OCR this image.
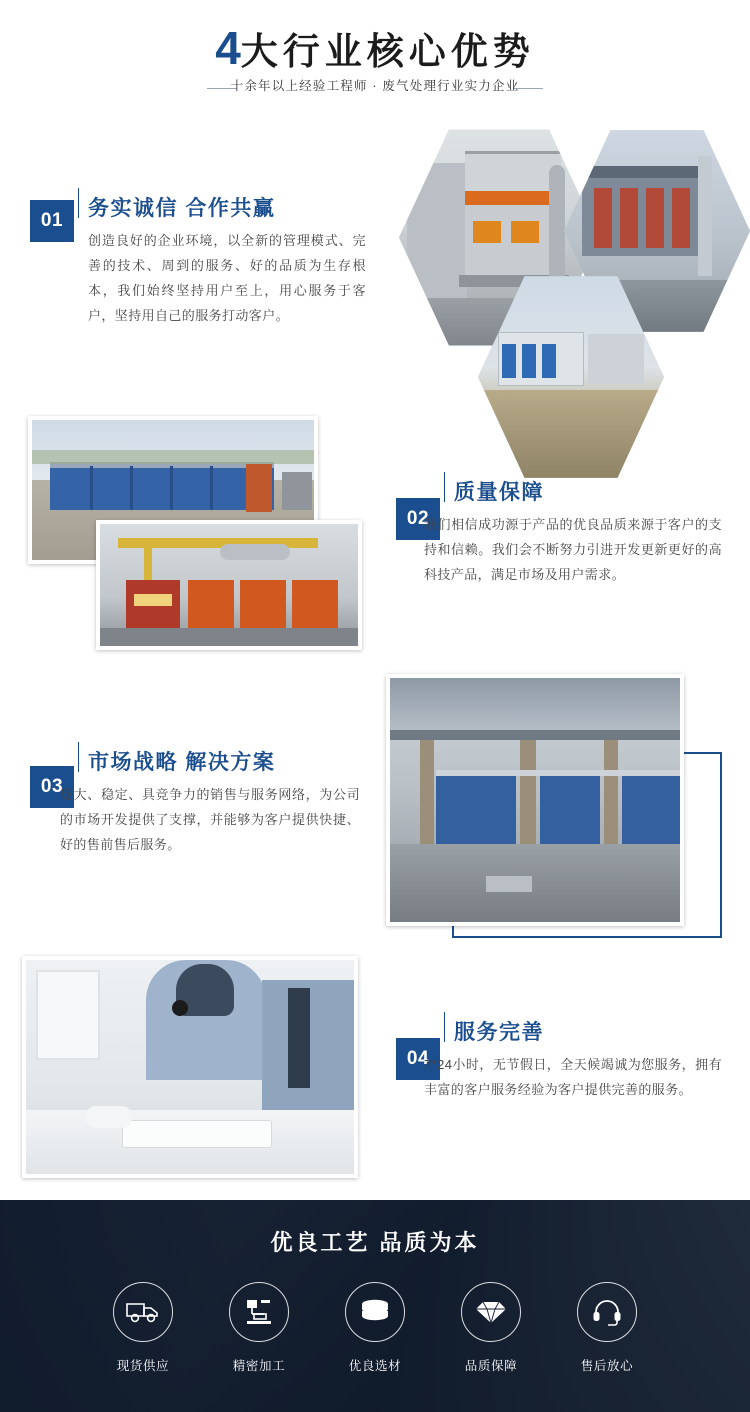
4大行业核心优势
十余年以上经验工程师 · 废气处理行业实力企业
01
务实诚信 合作共赢
创造良好的企业环境，以全新的管理模式、完善的技术、周到的服务、好的品质为生存根本，我们始终坚持用户至上，用心服务于客户，坚持用自己的服务打动客户。
02
质量保障
我们相信成功源于产品的优良品质来源于客户的支持和信赖。我们会不断努力引进开发更新更好的高科技产品，满足市场及用户需求。
03
市场战略 解决方案
庞大、稳定、具竞争力的销售与服务网络，为公司的市场开发提供了支撑，并能够为客户提供快捷、好的售前售后服务。
04
服务完善
7*24小时，无节假日，全天候竭诚为您服务，拥有丰富的客户服务经验为客户提供完善的服务。
优良工艺 品质为本
现货供应	精密加工	优良选材	品质保障	售后放心
